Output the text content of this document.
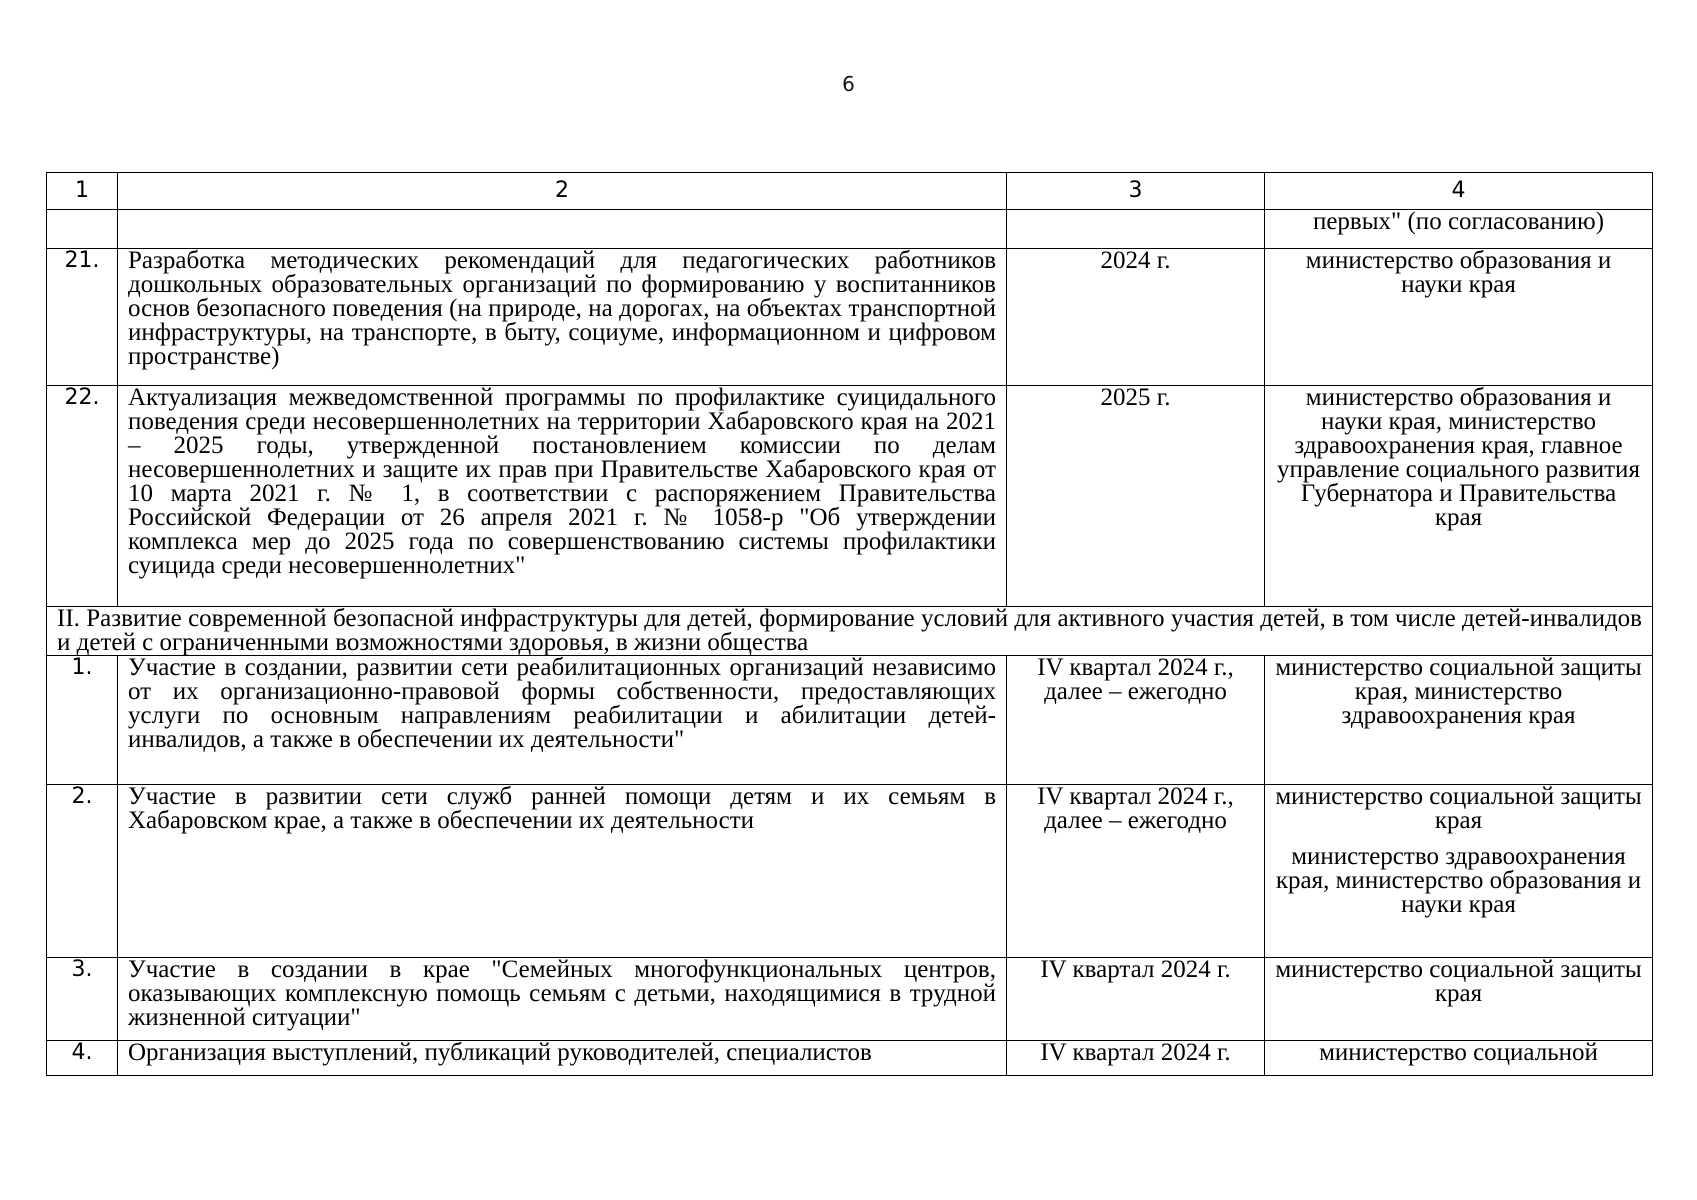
6
1	2	3	4
			первых" (по согласованию)
21.	Разработка методических рекомендаций для педагогических работников дошкольных образовательных организаций по формированию у воспитанников основ безопасного поведения (на природе, на дорогах, на объектах транспортной инфраструктуры, на транспорте, в быту, социуме, информационном и цифровом пространстве)	2024 г.	министерство образования и науки края
22.	Актуализация межведомственной программы по профилактике суицидального поведения среди несовершеннолетних на территории Хабаровского края на 2021 – 2025 годы, утвержденной постановлением комиссии по делам несовершеннолетних и защите их прав при Правительстве Хабаровского края от 10 марта 2021 г. № 1, в соответствии с распоряжением Правительства Российской Федерации от 26 апреля 2021 г. № 1058-р "Об утверждении комплекса мер до 2025 года по совершенствованию системы профилактики суицида среди несовершеннолетних"	2025 г.	министерство образования и науки края, министерство здравоохранения края, главное управление социального развития Губернатора и Правительства края
II. Развитие современной безопасной инфраструктуры для детей, формирование условий для активного участия детей, в том числе детей-инвалидов и детей с ограниченными возможностями здоровья, в жизни общества			
1.	Участие в создании, развитии сети реабилитационных организаций независимо от их организационно-правовой формы собственности, предоставляющих услуги по основным направлениям реабилитации и абилитации детей-инвалидов, а также в обеспечении их деятельности"	IV квартал 2024 г., далее – ежегодно	министерство социальной защиты края, министерство здравоохранения края
2.	Участие в развитии сети служб ранней помощи детям и их семьям в Хабаровском крае, а также в обеспечении их деятельности	IV квартал 2024 г., далее – ежегодно	министерство социальной защиты края
министерство здравоохранения края, министерство образования и науки края

3.	Участие в создании в крае "Семейных многофункциональных центров, оказывающих комплексную помощь семьям с детьми, находящимися в трудной жизненной ситуации"	IV квартал 2024 г.	министерство социальной защиты края
4.	Организация выступлений, публикаций руководителей, специалистов	IV квартал 2024 г.	министерство социальной
